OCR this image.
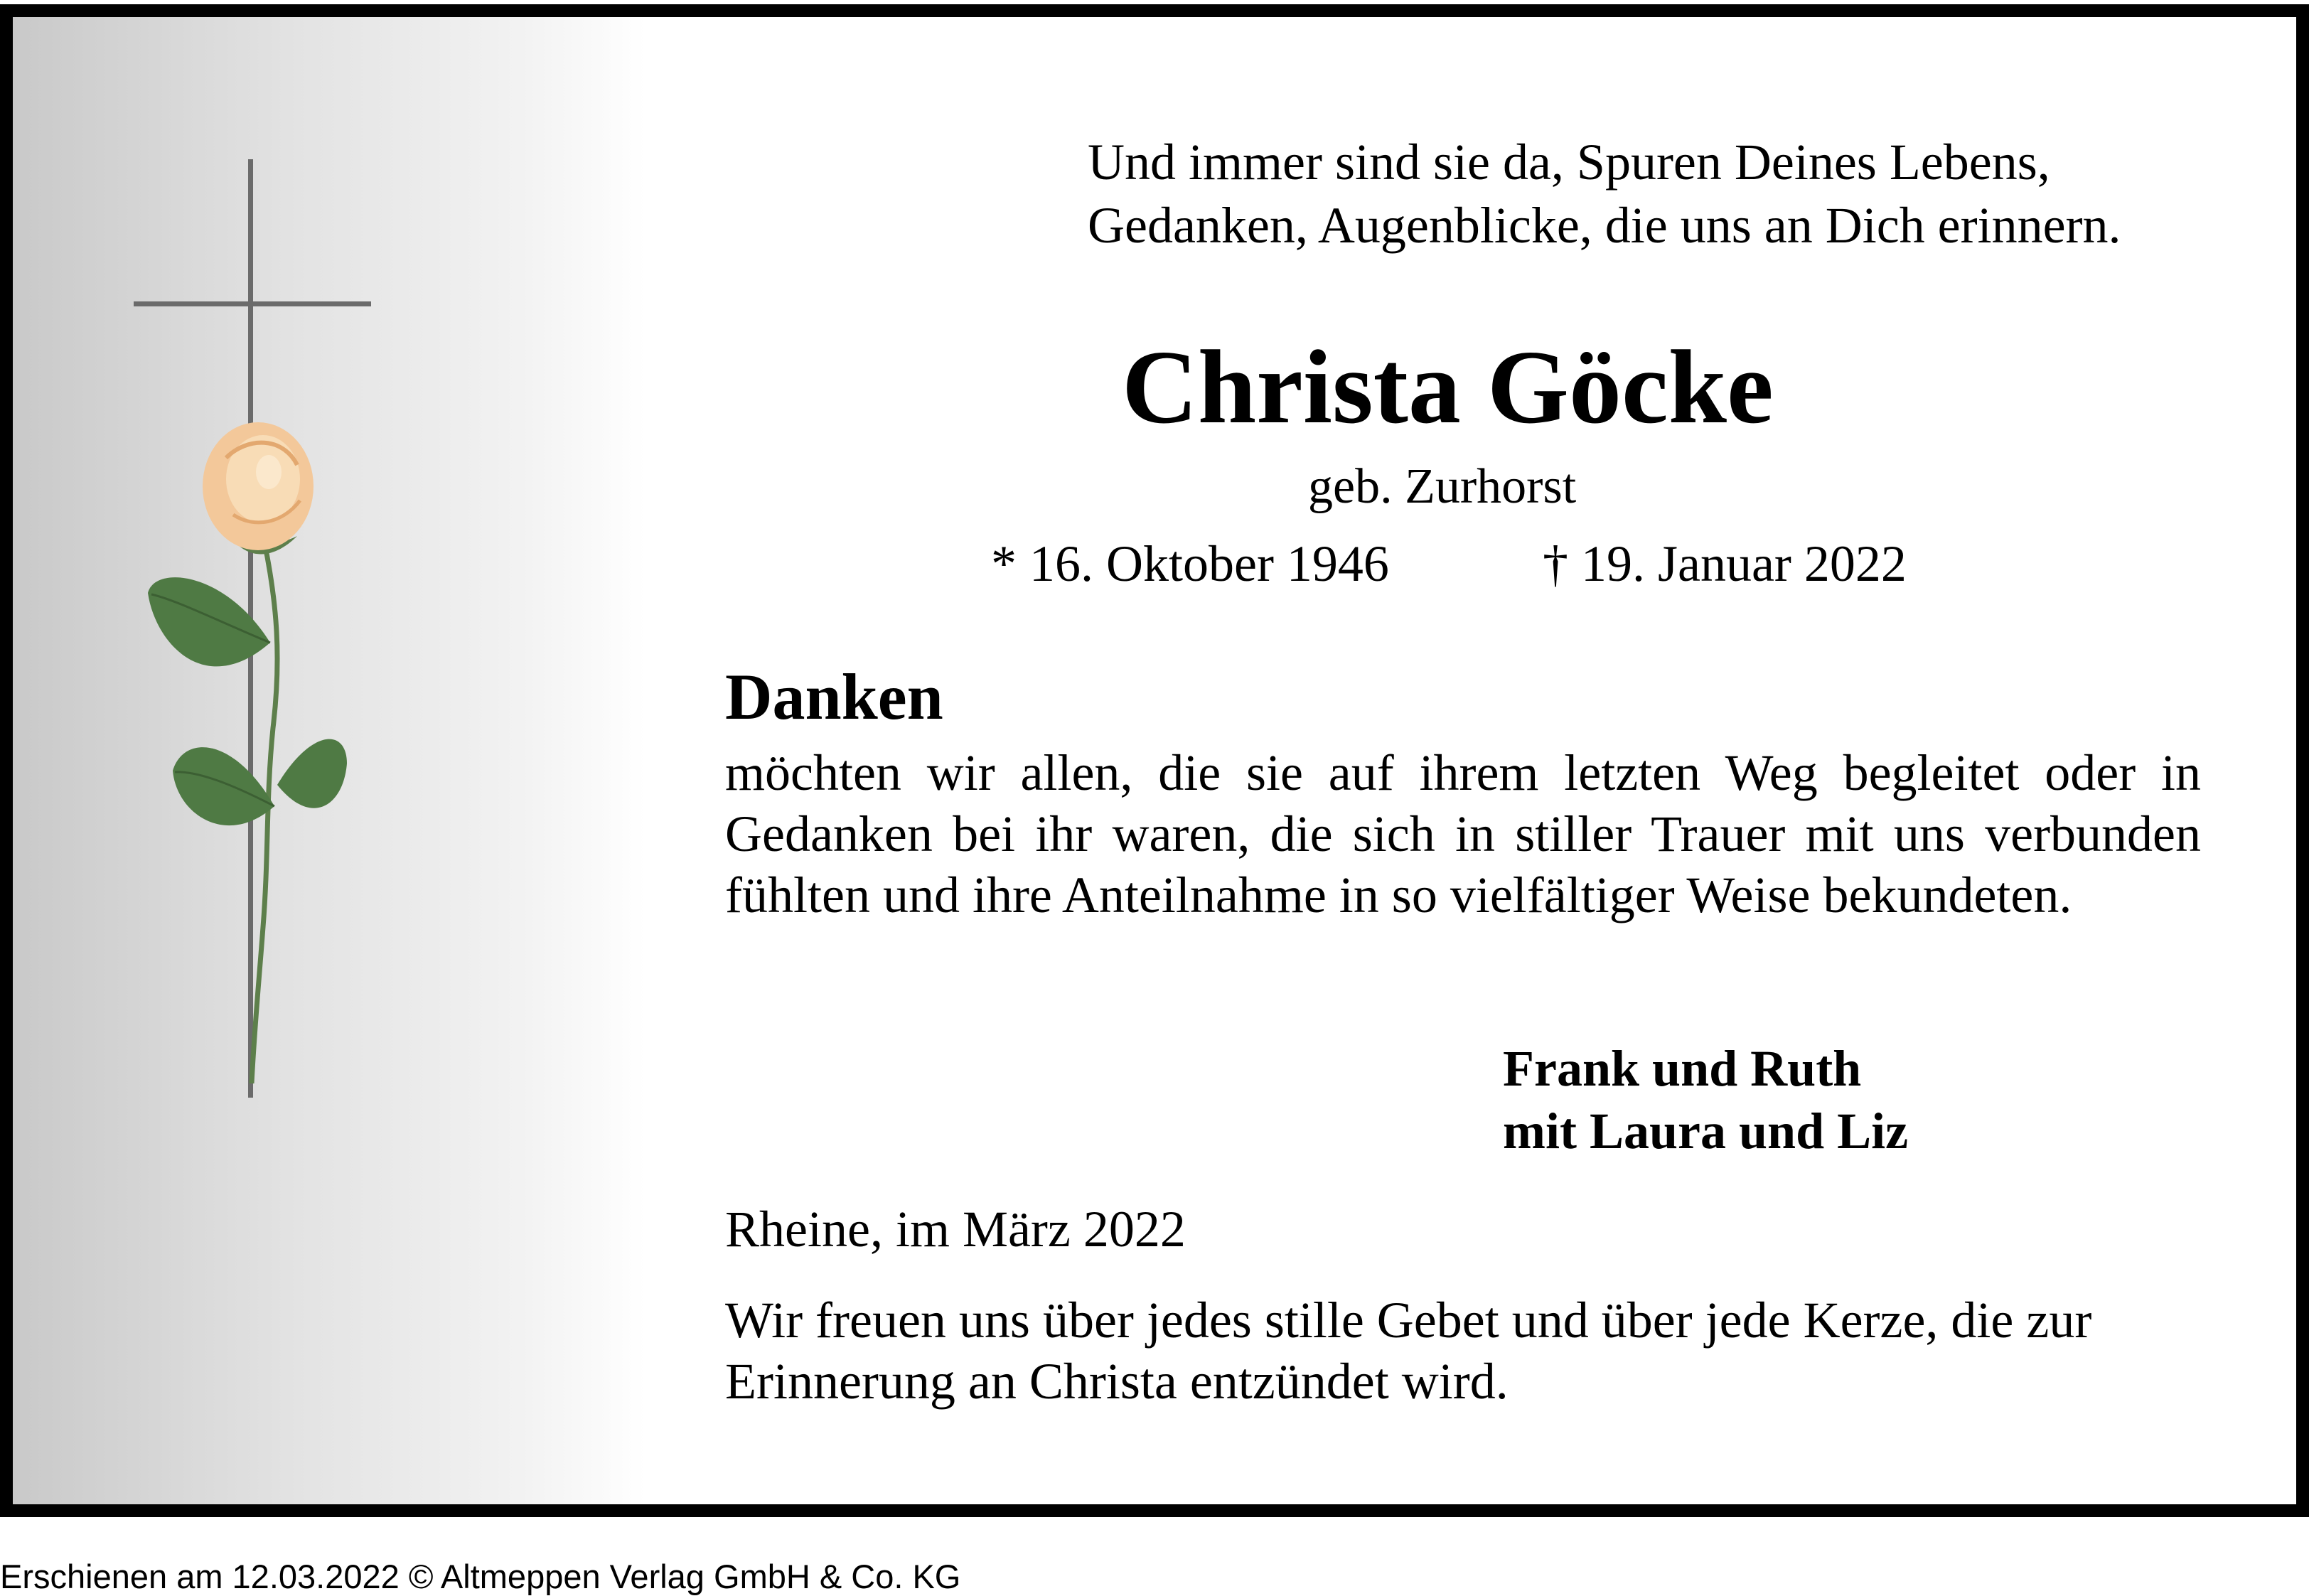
Und immer sind sie da, Spuren Deines Lebens,
Gedanken, Augenblicke, die uns an Dich erinnern.
Christa Göcke
geb. Zurhorst
* 16. Oktober 1946	† 19. Januar 2022
Danken
möchten wir allen, die sie auf ihrem letzten Weg begleitet oder in Gedanken bei ihr waren, die sich in stiller Trauer mit uns verbunden fühlten und ihre Anteilnahme in so vielfältiger Weise bekundeten.
Frank und Ruth
mit Laura und Liz
Rheine, im März 2022
Wir freuen uns über jedes stille Gebet und über jede Kerze, die zur Erinnerung an Christa entzündet wird.
Erschienen am 12.03.2022 © Altmeppen Verlag GmbH & Co. KG
